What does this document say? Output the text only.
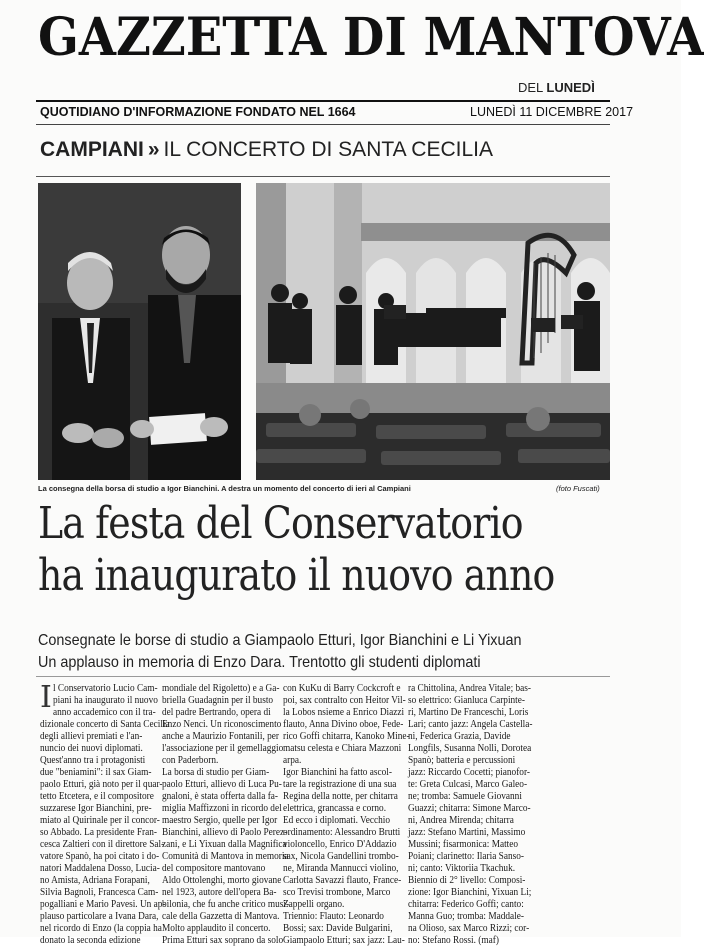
GAZZETTA DI MANTOVA
DEL LUNEDÌ
QUOTIDIANO D'INFORMAZIONE FONDATO NEL 1664	LUNEDÌ 11 DICEMBRE 2017
CAMPIANI » IL CONCERTO DI SANTA CECILIA
La consegna della borsa di studio a Igor Bianchini. A destra un momento del concerto di ieri al Campiani	(foto Fuscati)
La festa del Conservatorio
ha inaugurato il nuovo anno
Consegnate le borse di studio a Giampaolo Etturi, Igor Bianchini e Li Yixuan
Un applauso in memoria di Enzo Dara. Trentotto gli studenti diplomati
I l Conservatorio Lucio Cam-
piani ha inaugurato il nuovo
anno accademico con il tra-
dizionale concerto di Santa Cecilia
degli allievi premiati e l'an-
nuncio dei nuovi diplomati.
Quest'anno tra i protagonisti
due "beniamini": il sax Giam-
paolo Etturi, già noto per il quar-
tetto Etcetera, e il compositore
suzzarese Igor Bianchini, pre-
miato al Quirinale per il concor-
so Abbado. La presidente Fran-
cesca Zaltieri con il direttore Sal-
vatore Spanò, ha poi citato i do-
natori Maddalena Dosso, Lucia-
no Amista, Adriana Forapani,
Silvia Bagnoli, Francesca Cam-
pogalliani e Mario Pavesi. Un ap-
plauso particolare a Ivana Dara,
nel ricordo di Enzo (la coppia ha
donato la seconda edizione
mondiale del Rigoletto) e a Ga-
briella Guadagnin per il busto
del padre Bertrando, opera di
Enzo Nenci. Un riconoscimento
anche a Maurizio Fontanili, per
l'associazione per il gemellaggio
con Paderborn.
La borsa di studio per Giam-
paolo Etturi, allievo di Luca Pu-
gnaloni, è stata offerta dalla fa-
miglia Maffizzoni in ricordo del
maestro Sergio, quelle per Igor
Bianchini, allievo di Paolo Perez-
zani, e Li Yixuan dalla Magnifica
Comunità di Mantova in memoria
del compositore mantovano
Aldo Ottolenghi, morto giovane
nel 1923, autore dell'opera Ba-
bilonia, che fu anche critico musi-
cale della Gazzetta di Mantova.
Molto applaudito il concerto.
Prima Etturi sax soprano da solo
con KuKu di Barry Cockcroft e
poi, sax contralto con Heitor Vil-
la Lobos nsieme a Enrico Diazzi
flauto, Anna Divino oboe, Fede-
rico Goffi chitarra, Kanoko Mine-
matsu celesta e Chiara Mazzoni
arpa.
Igor Bianchini ha fatto ascol-
tare la registrazione di una sua
Regina della notte, per chitarra
elettrica, grancassa e corno.
Ed ecco i diplomati. Vecchio
ordinamento: Alessandro Brutti
violoncello, Enrico D'Addazio
sax, Nicola Gandellini trombo-
ne, Miranda Mannucci violino,
Carlotta Savazzi flauto, France-
sco Trevisi trombone, Marco
Zappelli organo.
Triennio: Flauto: Leonardo
Bossi; sax: Davide Bulgarini,
Giampaolo Etturi; sax jazz: Lau-
ra Chittolina, Andrea Vitale; bas-
so elettrico: Gianluca Carpinte-
ri, Martino De Franceschi, Loris
Lari; canto jazz: Angela Castella-
ni, Federica Grazia, Davide
Longfils, Susanna Nolli, Dorotea
Spanò; batteria e percussioni
jazz: Riccardo Cocetti; pianofor-
te: Greta Culcasi, Marco Galeo-
ne; tromba: Samuele Giovanni
Guazzi; chitarra: Simone Marco-
ni, Andrea Mirenda; chitarra
jazz: Stefano Martini, Massimo
Mussini; fisarmonica: Matteo
Poiani; clarinetto: Ilaria Sanso-
ni; canto: Viktoriia Tkachuk.
Biennio di 2° livello: Composi-
zione: Igor Bianchini, Yixuan Li;
chitarra: Federico Goffi; canto:
Manna Guo; tromba: Maddale-
na Olioso, sax Marco Rizzi; cor-
no: Stefano Rossi. (maf)
